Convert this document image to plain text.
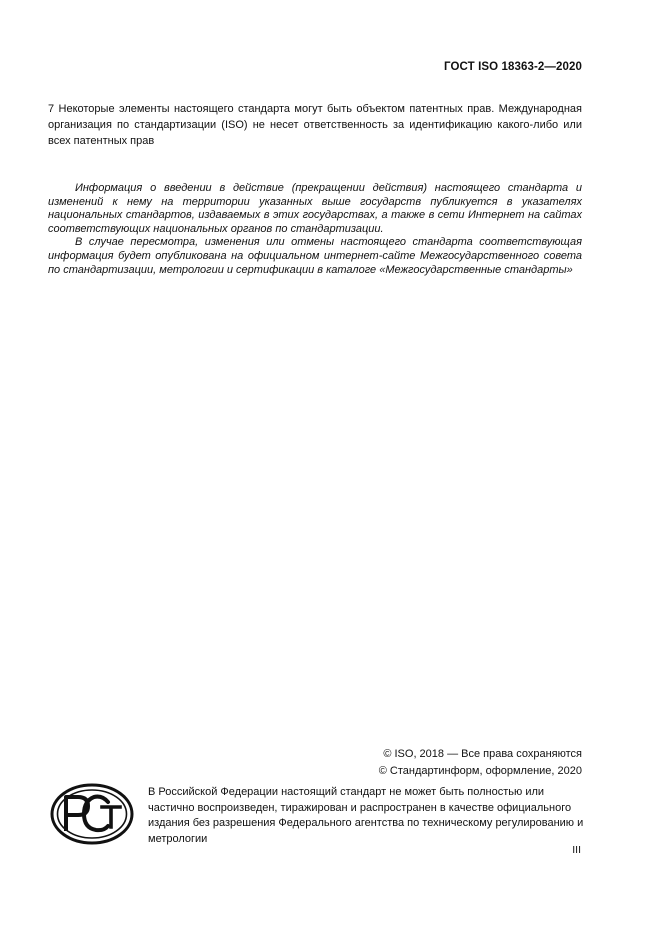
ГОСТ ISO 18363-2—2020

7 Некоторые элементы настоящего стандарта могут быть объектом патентных прав. Международная организация по стандартизации (ISO) не несет ответственность за идентификацию какого-либо или всех патентных прав

Информация о введении в действие (прекращении действия) настоящего стандарта и изменений к нему на территории указанных выше государств публикуется в указателях национальных стандартов, издаваемых в этих государствах, а также в сети Интернет на сайтах соответствующих национальных органов по стандартизации.

В случае пересмотра, изменения или отмены настоящего стандарта соответствующая информация будет опубликована на официальном интернет-сайте Межгосударственного совета по стандартизации, метрологии и сертификации в каталоге «Межгосударственные стандарты»

© ISO, 2018 — Все права сохраняются
© Стандартинформ, оформление, 2020

В Российской Федерации настоящий стандарт не может быть полностью или частично воспроизведен, тиражирован и распространен в качестве официального издания без разрешения Федерального агентства по техническому регулированию и метрологии

III
